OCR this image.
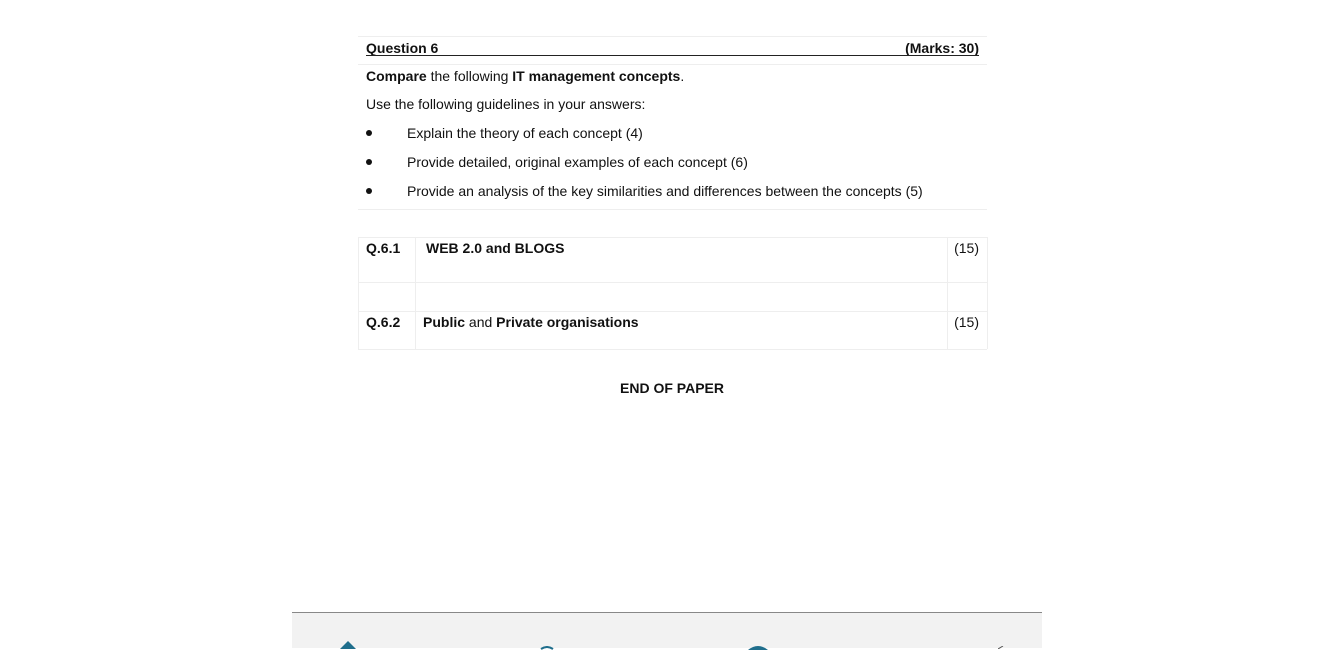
Question 6	(Marks: 30)
Compare the following IT management concepts.
Use the following guidelines in your answers:
Explain the theory of each concept (4)
Provide detailed, original examples of each concept (6)
Provide an analysis of the key similarities and differences between the concepts (5)
Q.6.1 WEB 2.0 and BLOGS	(15)
Q.6.2 Public and Private organisations	(15)
END OF PAPER
